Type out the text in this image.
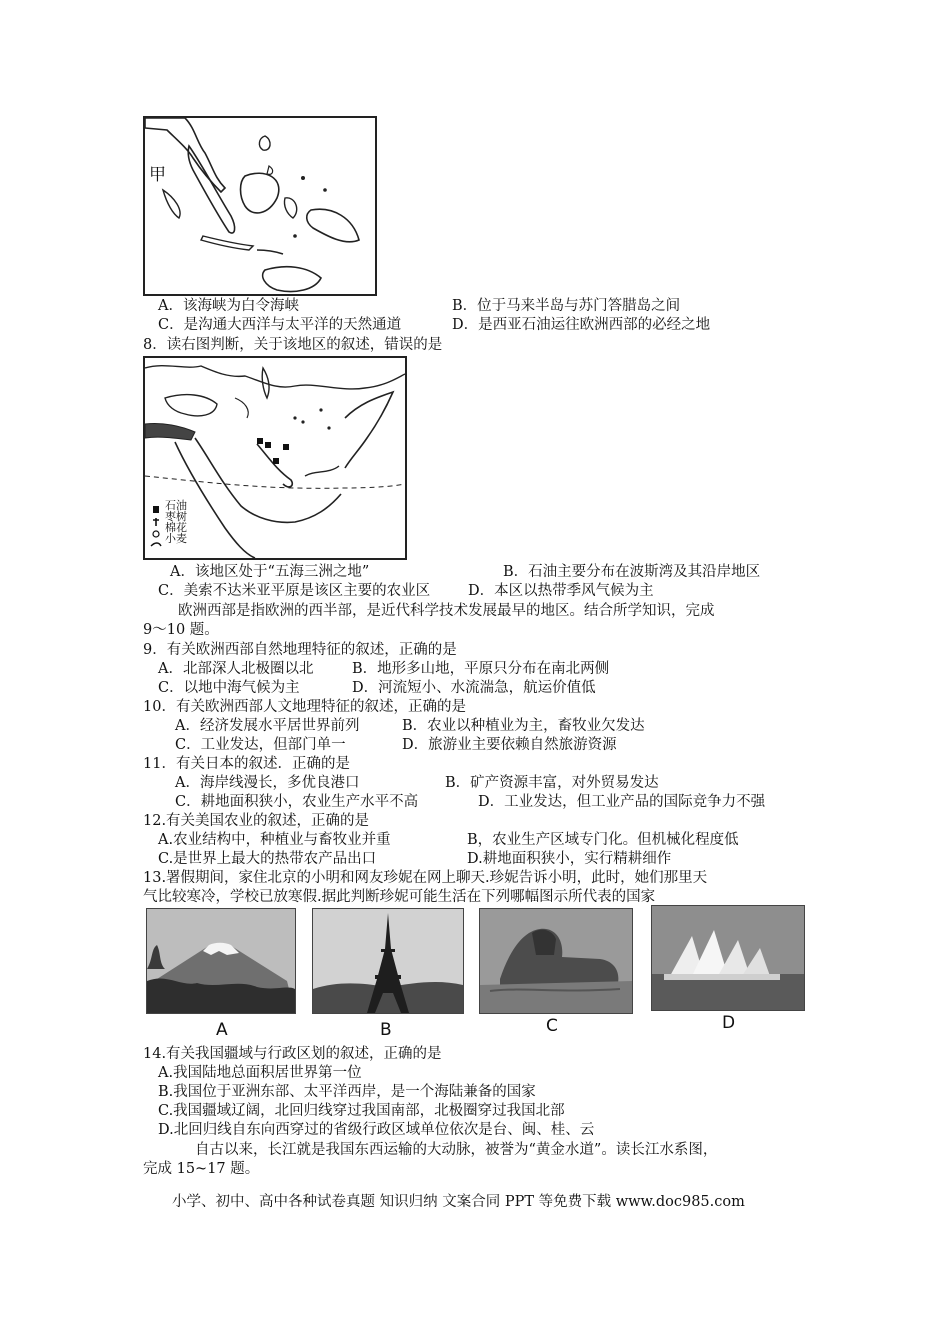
甲
A．该海峡为白令海峡	B．位于马来半岛与苏门答腊岛之间
C．是沟通大西洋与太平洋的天然通道	D．是西亚石油运往欧洲西部的必经之地
8．读右图判断，关于该地区的叙述，错误的是
石油
枣树
棉花
小麦
A．该地区处于“五海三洲之地”	B．石油主要分布在波斯湾及其沿岸地区
C．美索不达米亚平原是该区主要的农业区	D．本区以热带季风气候为主
欧洲西部是指欧洲的西半部，是近代科学技术发展最早的地区。结合所学知识，完成
9～10 题。
9．有关欧洲西部自然地理特征的叙述，正确的是
A．北部深人北极圈以北	B．地形多山地，平原只分布在南北两侧
C．以地中海气候为主	D．河流短小、水流湍急，航运价值低
10．有关欧洲西部人文地理特征的叙述，正确的是
A．经济发展水平居世界前列	B．农业以种植业为主，畜牧业欠发达
C．工业发达，但部门单一	D．旅游业主要依赖自然旅游资源
11．有关日本的叙述．正确的是
A．海岸线漫长，多优良港口	B．矿产资源丰富，对外贸易发达
C．耕地面积狭小，农业生产水平不高	D．工业发达，但工业产品的国际竞争力不强
12.有关美国农业的叙述，正确的是
A.农业结构中，种植业与畜牧业并重	B，农业生产区域专门化。但机械化程度低
C.是世界上最大的热带农产品出口	D.耕地面积狭小，实行精耕细作
13.署假期间，家住北京的小明和网友珍妮在网上聊天.珍妮告诉小明，此时，她们那里天
气比较寒冷，学校已放寒假.据此判断珍妮可能生活在下列哪幅图示所代表的国家
A	B	C	D
14.有关我国疆域与行政区划的叙述，正确的是
A.我国陆地总面积居世界第一位
B.我国位于亚洲东部、太平洋西岸，是一个海陆兼备的国家
C.我国疆域辽阔，北回归线穿过我国南部，北极圈穿过我国北部
D.北回归线自东向西穿过的省级行政区域单位依次是台、闽、桂、云
自古以来，长江就是我国东西运输的大动脉，被誉为“黄金水道”。读长江水系图，
完成 15~17 题。
小学、初中、高中各种试卷真题 知识归纳 文案合同 PPT 等免费下载 www.doc985.com
